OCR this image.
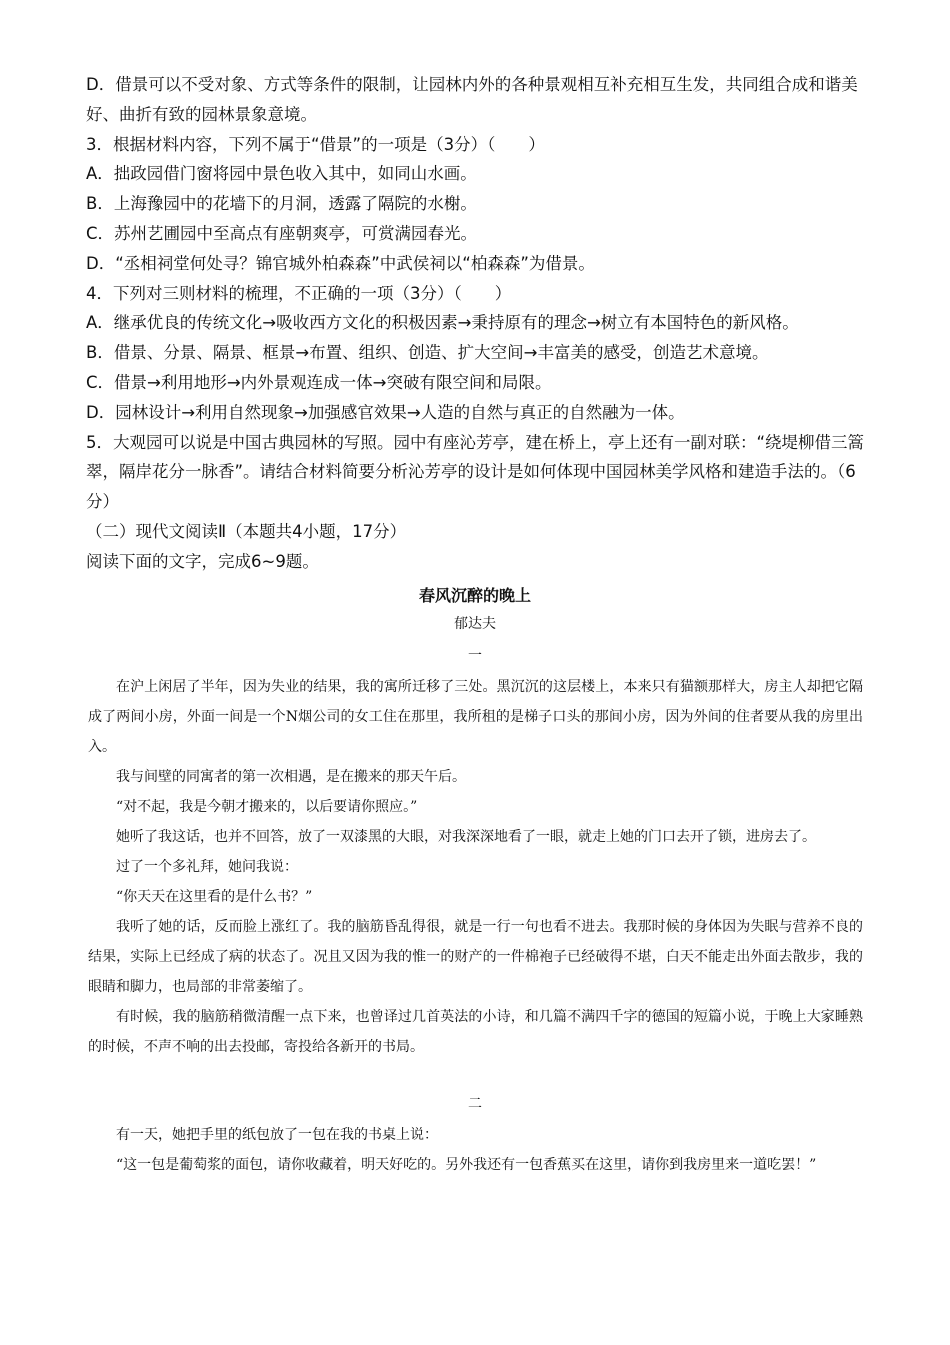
D．借景可以不受对象、方式等条件的限制，让园林内外的各种景观相互补充相互生发，共同组合成和谐美好、曲折有致的园林景象意境。

3．根据材料内容，下列不属于“借景”的一项是（3分）（　　）

A．拙政园借门窗将园中景色收入其中，如同山水画。

B．上海豫园中的花墙下的月洞，透露了隔院的水榭。

C．苏州艺圃园中至高点有座朝爽亭，可赏满园春光。

D．“丞相祠堂何处寻？锦官城外柏森森”中武侯祠以“柏森森”为借景。

4．下列对三则材料的梳理，不正确的一项（3分）（　　）

A．继承优良的传统文化→吸收西方文化的积极因素→秉持原有的理念→树立有本国特色的新风格。

B．借景、分景、隔景、框景→布置、组织、创造、扩大空间→丰富美的感受，创造艺术意境。

C．借景→利用地形→内外景观连成一体→突破有限空间和局限。

D．园林设计→利用自然现象→加强感官效果→人造的自然与真正的自然融为一体。

5．大观园可以说是中国古典园林的写照。园中有座沁芳亭，建在桥上，亭上还有一副对联：“绕堤柳借三篙翠，隔岸花分一脉香”。请结合材料简要分析沁芳亭的设计是如何体现中国园林美学风格和建造手法的。（6分）

（二）现代文阅读Ⅱ（本题共4小题，17分）

阅读下面的文字，完成6~9题。

春风沉醉的晚上
郁达夫
一

在沪上闲居了半年，因为失业的结果，我的寓所迁移了三处。黑沉沉的这层楼上，本来只有猫额那样大，房主人却把它隔成了两间小房，外面一间是一个N烟公司的女工住在那里，我所租的是梯子口头的那间小房，因为外间的住者要从我的房里出入。

我与间壁的同寓者的第一次相遇，是在搬来的那天午后。

“对不起，我是今朝才搬来的，以后要请你照应。”

她听了我这话，也并不回答，放了一双漆黑的大眼，对我深深地看了一眼，就走上她的门口去开了锁，进房去了。

过了一个多礼拜，她问我说：

“你天天在这里看的是什么书？”

我听了她的话，反而脸上涨红了。我的脑筋昏乱得很，就是一行一句也看不进去。我那时候的身体因为失眠与营养不良的结果，实际上已经成了病的状态了。况且又因为我的惟一的财产的一件棉袍子已经破得不堪，白天不能走出外面去散步，我的眼睛和脚力，也局部的非常萎缩了。

有时候，我的脑筋稍微清醒一点下来，也曾译过几首英法的小诗，和几篇不满四千字的德国的短篇小说，于晚上大家睡熟的时候，不声不响的出去投邮，寄投给各新开的书局。

二

有一天，她把手里的纸包放了一包在我的书桌上说：

“这一包是葡萄浆的面包，请你收藏着，明天好吃的。另外我还有一包香蕉买在这里，请你到我房里来一道吃罢！”
